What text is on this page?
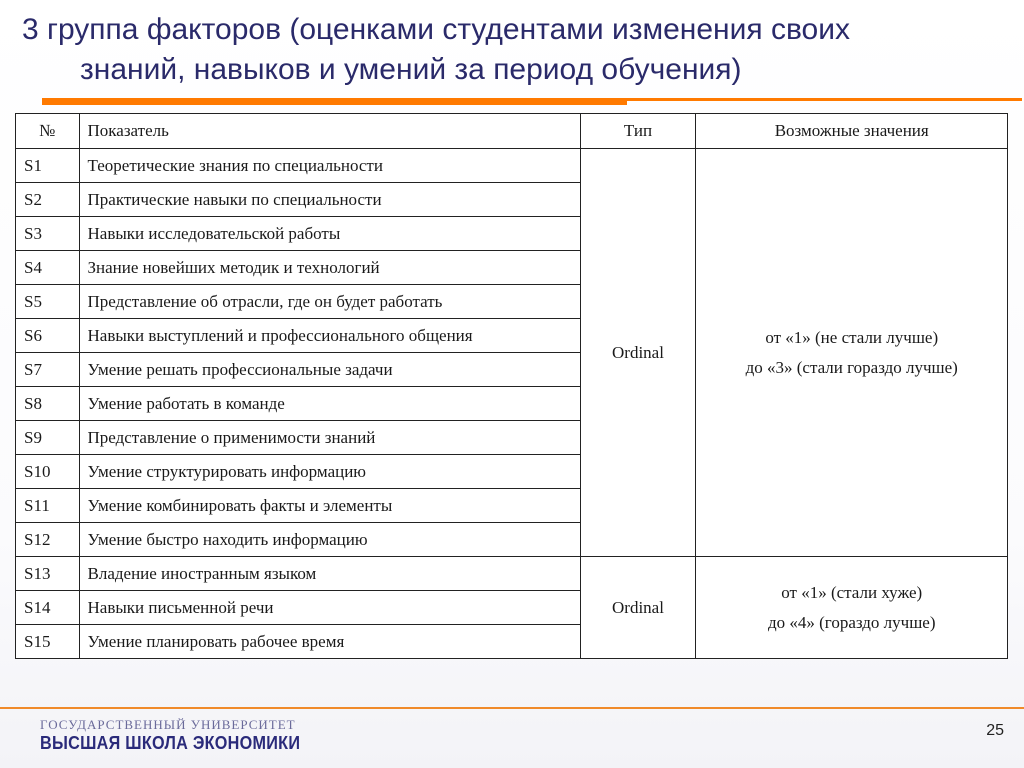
3 группа факторов (оценками студентами изменения своих
знаний, навыков и умений за период обучения)
№	Показатель	Тип	Возможные значения
S1	Теоретические знания по специальности	Ordinal	от «1» (не стали лучше)
до «3» (стали гораздо лучше)

S2	Практические навыки по специальности		
S3	Навыки исследовательской работы		
S4	Знание новейших методик и технологий		
S5	Представление об отрасли, где он будет работать		
S6	Навыки выступлений и профессионального общения		
S7	Умение решать профессиональные задачи		
S8	Умение работать в команде		
S9	Представление о применимости знаний		
S10	Умение структурировать информацию		
S11	Умение комбинировать факты и элементы		
S12	Умение быстро находить информацию		
S13	Владение иностранным языком	Ordinal	от «1» (стали хуже)
до «4» (гораздо лучше)

S14	Навыки письменной речи		
S15	Умение планировать рабочее время		
ГОСУДАРСТВЕННЫЙ УНИВЕРСИТЕТ
ВЫСШАЯ ШКОЛА ЭКОНОМИКИ
25
